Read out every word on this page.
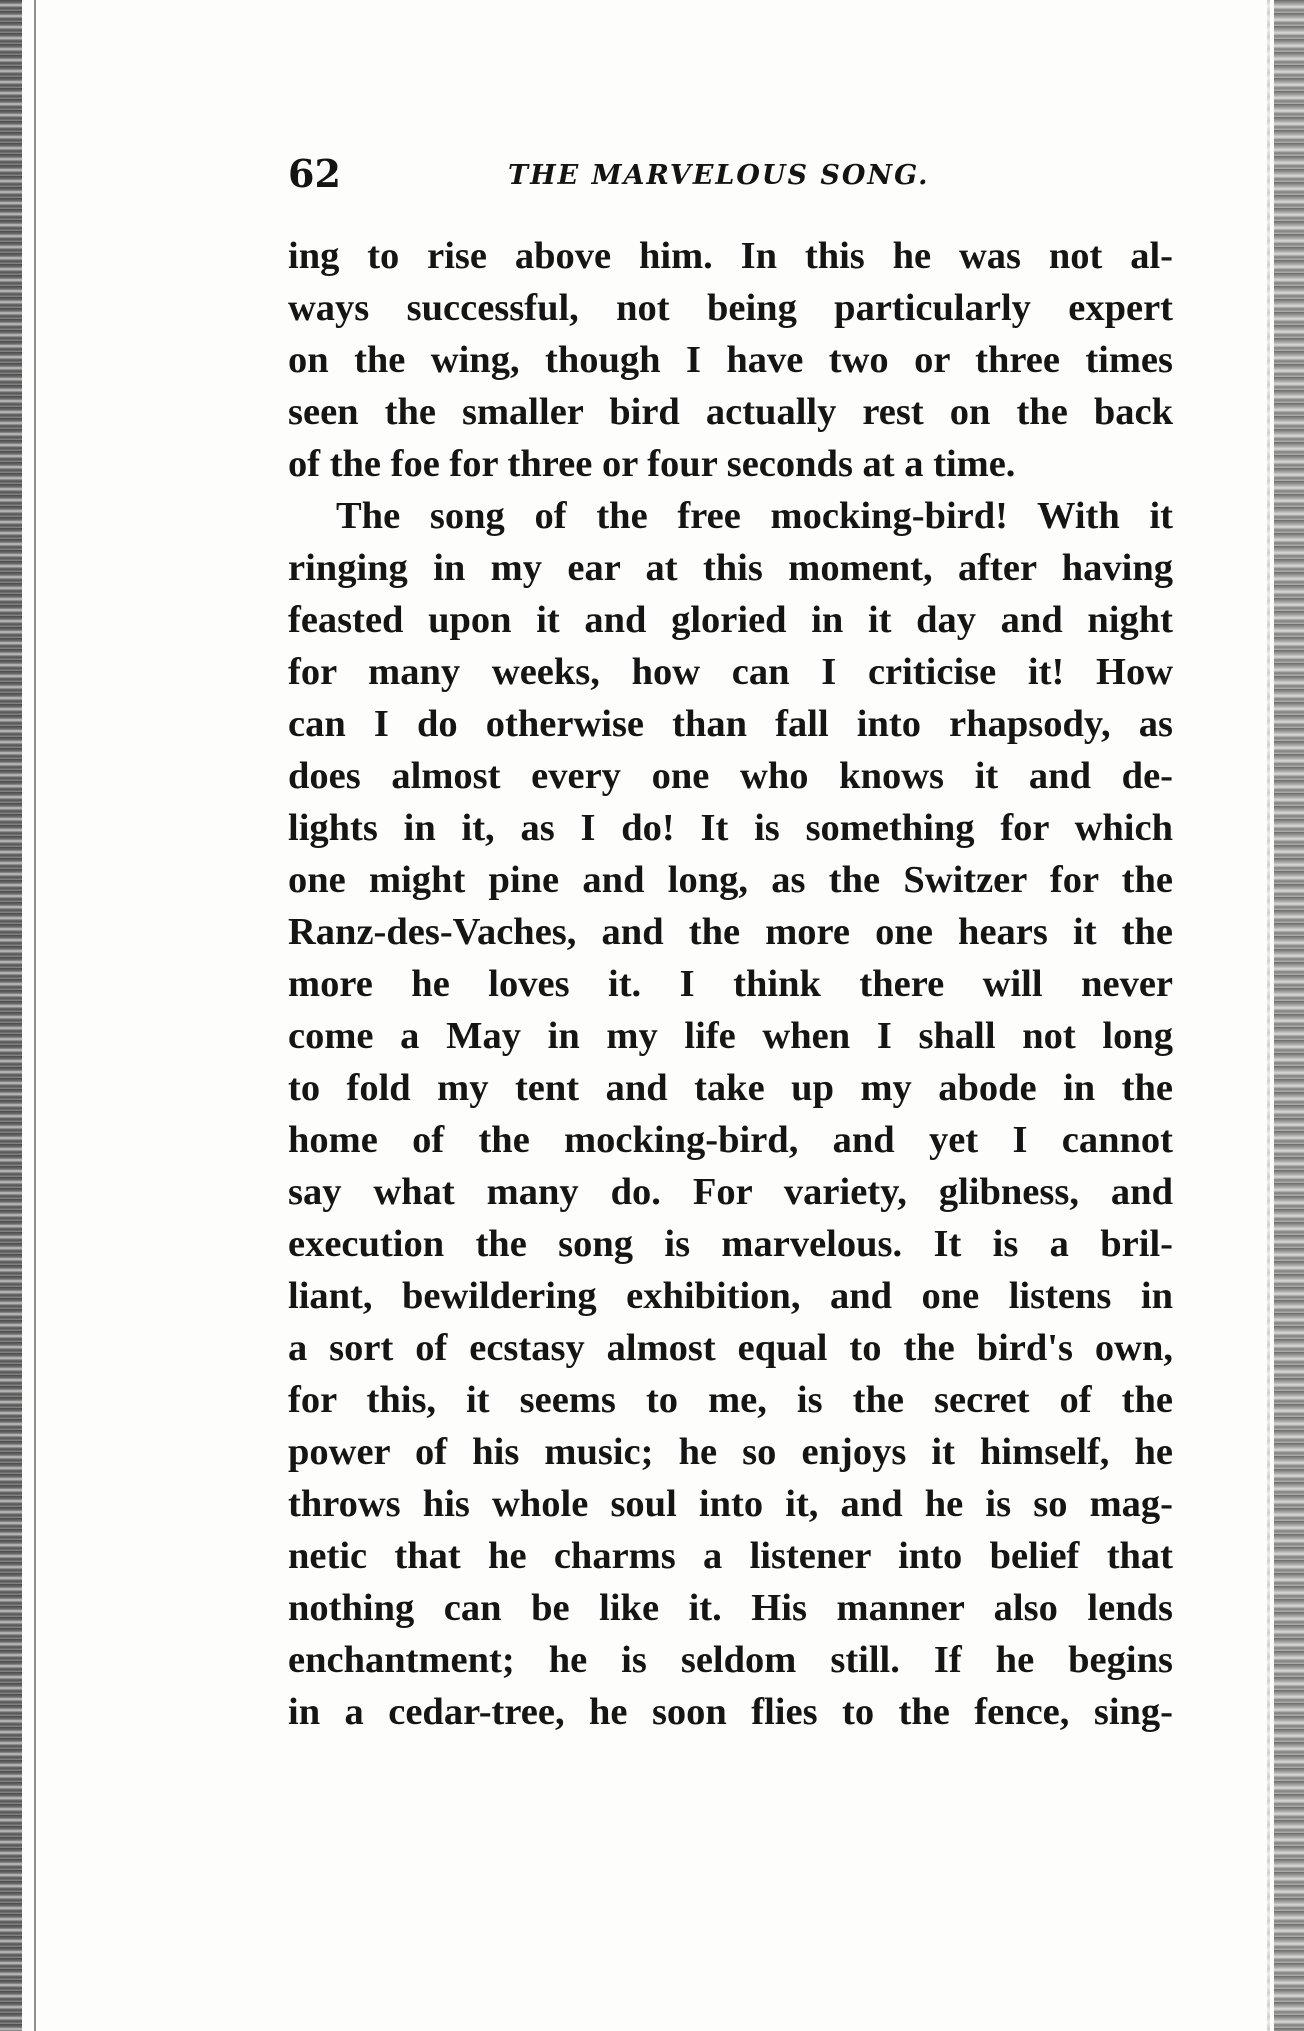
62	THE MARVELOUS SONG.
ing to rise above him. In this he was not al-
ways successful, not being particularly expert
on the wing, though I have two or three times
seen the smaller bird actually rest on the back
of the foe for three or four seconds at a time.
The song of the free mocking-bird! With it
ringing in my ear at this moment, after having
feasted upon it and gloried in it day and night
for many weeks, how can I criticise it! How
can I do otherwise than fall into rhapsody, as
does almost every one who knows it and de-
lights in it, as I do! It is something for which
one might pine and long, as the Switzer for the
Ranz-des-Vaches, and the more one hears it the
more he loves it. I think there will never
come a May in my life when I shall not long
to fold my tent and take up my abode in the
home of the mocking-bird, and yet I cannot
say what many do. For variety, glibness, and
execution the song is marvelous. It is a bril-
liant, bewildering exhibition, and one listens in
a sort of ecstasy almost equal to the bird's own,
for this, it seems to me, is the secret of the
power of his music; he so enjoys it himself, he
throws his whole soul into it, and he is so mag-
netic that he charms a listener into belief that
nothing can be like it. His manner also lends
enchantment; he is seldom still. If he begins
in a cedar-tree, he soon flies to the fence, sing-
